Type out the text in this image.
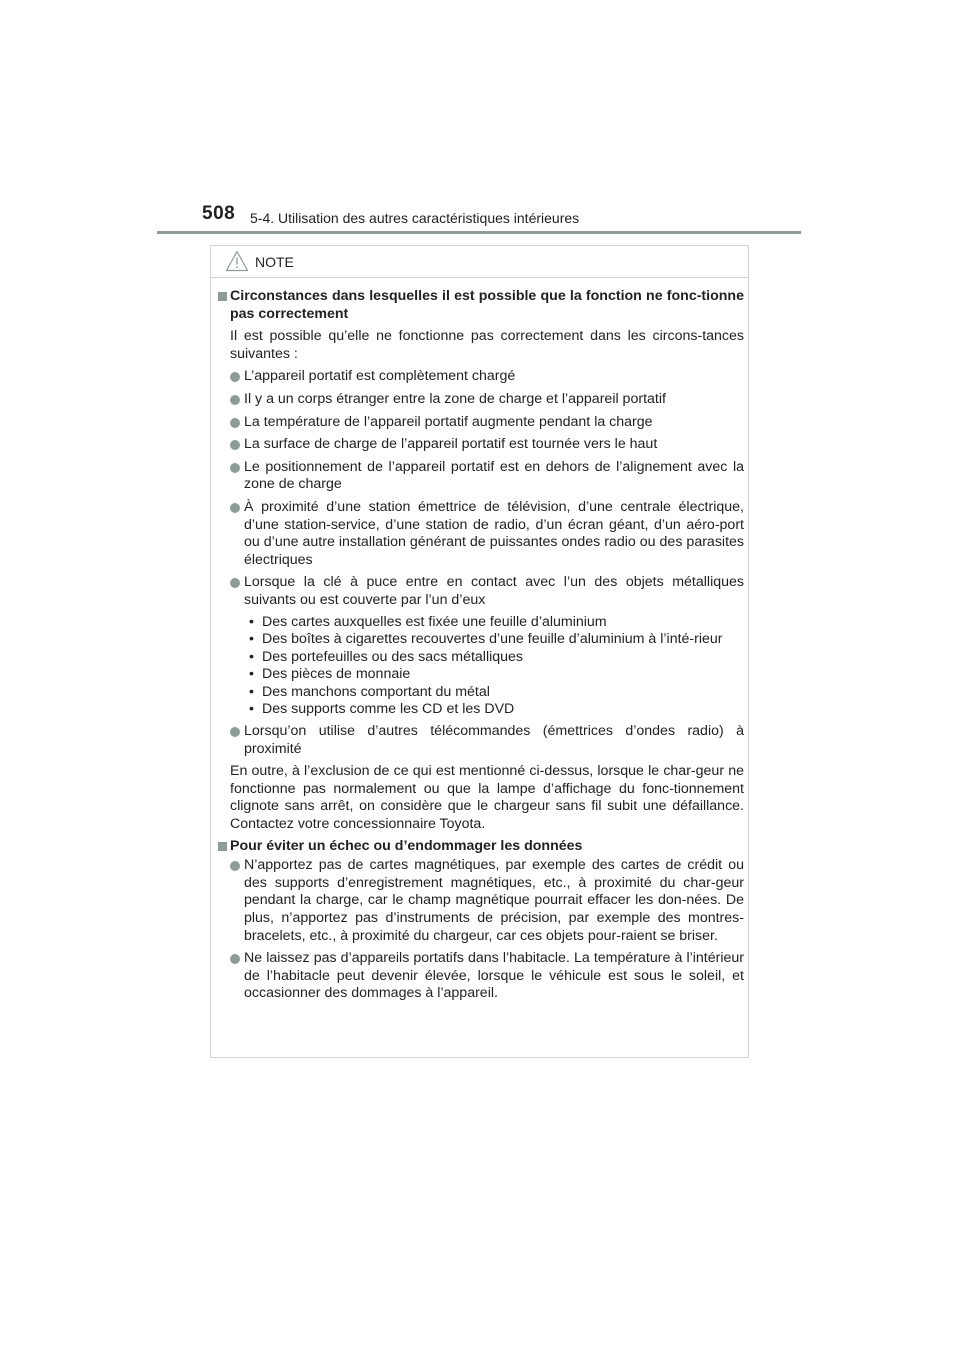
508 5-4. Utilisation des autres caractéristiques intérieures
NOTE
Circonstances dans lesquelles il est possible que la fonction ne fonc-tionne pas correctement
Il est possible qu’elle ne fonctionne pas correctement dans les circons-tances suivantes :
L’appareil portatif est complètement chargé
Il y a un corps étranger entre la zone de charge et l’appareil portatif
La température de l’appareil portatif augmente pendant la charge
La surface de charge de l’appareil portatif est tournée vers le haut
Le positionnement de l’appareil portatif est en dehors de l’alignement avec la zone de charge
À proximité d’une station émettrice de télévision, d’une centrale électrique, d’une station-service, d’une station de radio, d’un écran géant, d’un aéro-port ou d’une autre installation générant de puissantes ondes radio ou des parasites électriques
Lorsque la clé à puce entre en contact avec l’un des objets métalliques suivants ou est couverte par l’un d’eux
• Des cartes auxquelles est fixée une feuille d’aluminium
• Des boîtes à cigarettes recouvertes d’une feuille d’aluminium à l’inté-rieur
• Des portefeuilles ou des sacs métalliques
• Des pièces de monnaie
• Des manchons comportant du métal
• Des supports comme les CD et les DVD
Lorsqu’on utilise d’autres télécommandes (émettrices d’ondes radio) à proximité
En outre, à l’exclusion de ce qui est mentionné ci-dessus, lorsque le char-geur ne fonctionne pas normalement ou que la lampe d’affichage du fonc-tionnement clignote sans arrêt, on considère que le chargeur sans fil subit une défaillance. Contactez votre concessionnaire Toyota.
Pour éviter un échec ou d’endommager les données
N’apportez pas de cartes magnétiques, par exemple des cartes de crédit ou des supports d’enregistrement magnétiques, etc., à proximité du char-geur pendant la charge, car le champ magnétique pourrait effacer les don-nées. De plus, n’apportez pas d’instruments de précision, par exemple des montres-bracelets, etc., à proximité du chargeur, car ces objets pour-raient se briser.
Ne laissez pas d’appareils portatifs dans l’habitacle. La température à l’intérieur de l’habitacle peut devenir élevée, lorsque le véhicule est sous le soleil, et occasionner des dommages à l’appareil.
